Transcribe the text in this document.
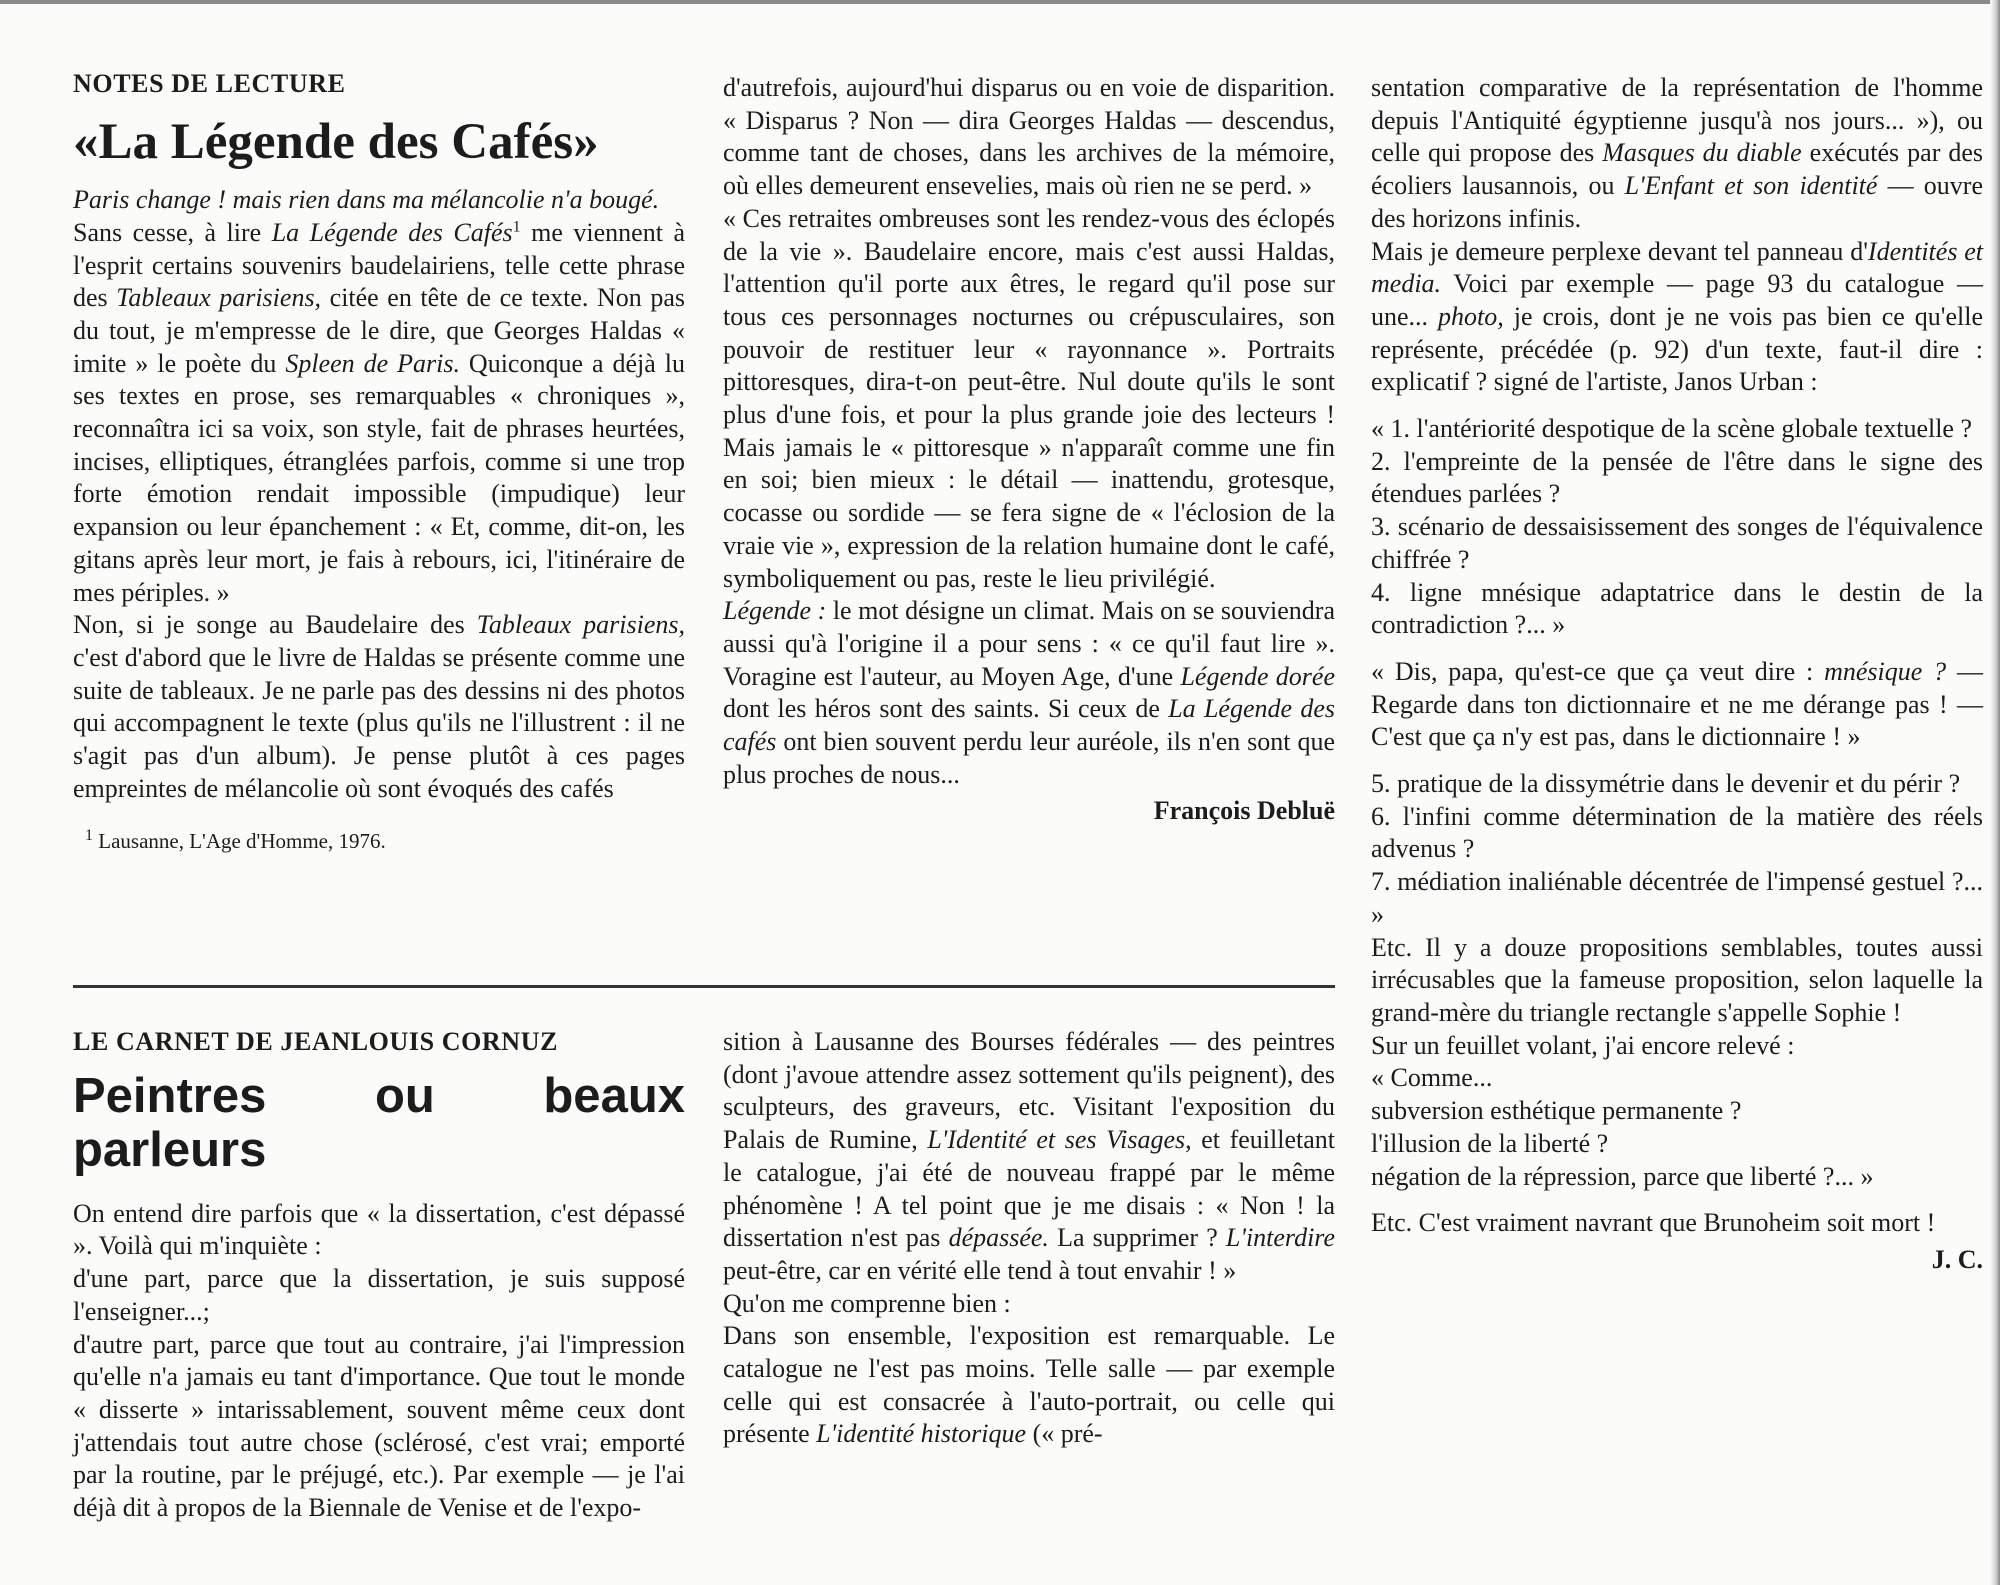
NOTES DE LECTURE

«La Légende des Cafés»

Paris change ! mais rien dans ma mélancolie n'a bougé.

Sans cesse, à lire La Légende des Cafés$^1$ me viennent à l'esprit certains souvenirs baudelairiens, telle cette phrase des Tableaux parisiens, citée en tête de ce texte. Non pas du tout, je m'empresse de le dire, que Georges Haldas « imite » le poète du Spleen de Paris. Quiconque a déjà lu ses textes en prose, ses remarquables « chroniques », reconnaîtra ici sa voix, son style, fait de phrases heurtées, incises, elliptiques, étranglées parfois, comme si une trop forte émotion rendait impossible (impudique) leur expansion ou leur épanchement : « Et, comme, dit-on, les gitans après leur mort, je fais à rebours, ici, l'itinéraire de mes périples. »

Non, si je songe au Baudelaire des Tableaux parisiens, c'est d'abord que le livre de Haldas se présente comme une suite de tableaux. Je ne parle pas des dessins ni des photos qui accompagnent le texte (plus qu'ils ne l'illustrent : il ne s'agit pas d'un album). Je pense plutôt à ces pages empreintes de mélancolie où sont évoqués des cafés

$^1$ Lausanne, L'Age d'Homme, 1976.

d'autrefois, aujourd'hui disparus ou en voie de disparition. « Disparus ? Non — dira Georges Haldas — descendus, comme tant de choses, dans les archives de la mémoire, où elles demeurent ensevelies, mais où rien ne se perd. »

« Ces retraites ombreuses sont les rendez-vous des éclopés de la vie ». Baudelaire encore, mais c'est aussi Haldas, l'attention qu'il porte aux êtres, le regard qu'il pose sur tous ces personnages nocturnes ou crépusculaires, son pouvoir de restituer leur « rayonnance ». Portraits pittoresques, dira-t-on peut-être. Nul doute qu'ils le sont plus d'une fois, et pour la plus grande joie des lecteurs ! Mais jamais le « pittoresque » n'apparaît comme une fin en soi; bien mieux : le détail — inattendu, grotesque, cocasse ou sordide — se fera signe de « l'éclosion de la vraie vie », expression de la relation humaine dont le café, symboliquement ou pas, reste le lieu privilégié.

Légende : le mot désigne un climat. Mais on se souviendra aussi qu'à l'origine il a pour sens : « ce qu'il faut lire ». Voragine est l'auteur, au Moyen Age, d'une Légende dorée dont les héros sont des saints. Si ceux de La Légende des cafés ont bien souvent perdu leur auréole, ils n'en sont que plus proches de nous...

François Debluë

LE CARNET DE JEANLOUIS CORNUZ

Peintres ou beaux parleurs

On entend dire parfois que « la dissertation, c'est dépassé ». Voilà qui m'inquiète :

d'une part, parce que la dissertation, je suis supposé l'enseigner...;

d'autre part, parce que tout au contraire, j'ai l'impression qu'elle n'a jamais eu tant d'importance. Que tout le monde « disserte » intarissablement, souvent même ceux dont j'attendais tout autre chose (sclérosé, c'est vrai; emporté par la routine, par le préjugé, etc.). Par exemple — je l'ai déjà dit à propos de la Biennale de Venise et de l'expo-

sition à Lausanne des Bourses fédérales — des peintres (dont j'avoue attendre assez sottement qu'ils peignent), des sculpteurs, des graveurs, etc. Visitant l'exposition du Palais de Rumine, L'Identité et ses Visages, et feuilletant le catalogue, j'ai été de nouveau frappé par le même phénomène ! A tel point que je me disais : « Non ! la dissertation n'est pas dépassée. La supprimer ? L'interdire peut-être, car en vérité elle tend à tout envahir ! »

Qu'on me comprenne bien :

Dans son ensemble, l'exposition est remarquable. Le catalogue ne l'est pas moins. Telle salle — par exemple celle qui est consacrée à l'auto-portrait, ou celle qui présente L'identité historique (« pré-

sentation comparative de la représentation de l'homme depuis l'Antiquité égyptienne jusqu'à nos jours... »), ou celle qui propose des Masques du diable exécutés par des écoliers lausannois, ou L'Enfant et son identité — ouvre des horizons infinis.

Mais je demeure perplexe devant tel panneau d'Identités et media. Voici par exemple — page 93 du catalogue — une... photo, je crois, dont je ne vois pas bien ce qu'elle représente, précédée (p. 92) d'un texte, faut-il dire : explicatif ? signé de l'artiste, Janos Urban :

« 1. l'antériorité despotique de la scène globale textuelle ?

2. l'empreinte de la pensée de l'être dans le signe des étendues parlées ?

3. scénario de dessaisissement des songes de l'équivalence chiffrée ?

4. ligne mnésique adaptatrice dans le destin de la contradiction ?... »

« Dis, papa, qu'est-ce que ça veut dire : mnésique ? — Regarde dans ton dictionnaire et ne me dérange pas ! — C'est que ça n'y est pas, dans le dictionnaire ! »

5. pratique de la dissymétrie dans le devenir et du périr ?

6. l'infini comme détermination de la matière des réels advenus ?

7. médiation inaliénable décentrée de l'impensé gestuel ?... »

Etc. Il y a douze propositions semblables, toutes aussi irrécusables que la fameuse proposition, selon laquelle la grand-mère du triangle rectangle s'appelle Sophie !

Sur un feuillet volant, j'ai encore relevé :

« Comme...

subversion esthétique permanente ?

l'illusion de la liberté ?

négation de la répression, parce que liberté ?... »

Etc. C'est vraiment navrant que Brunoheim soit mort !

J. C.
